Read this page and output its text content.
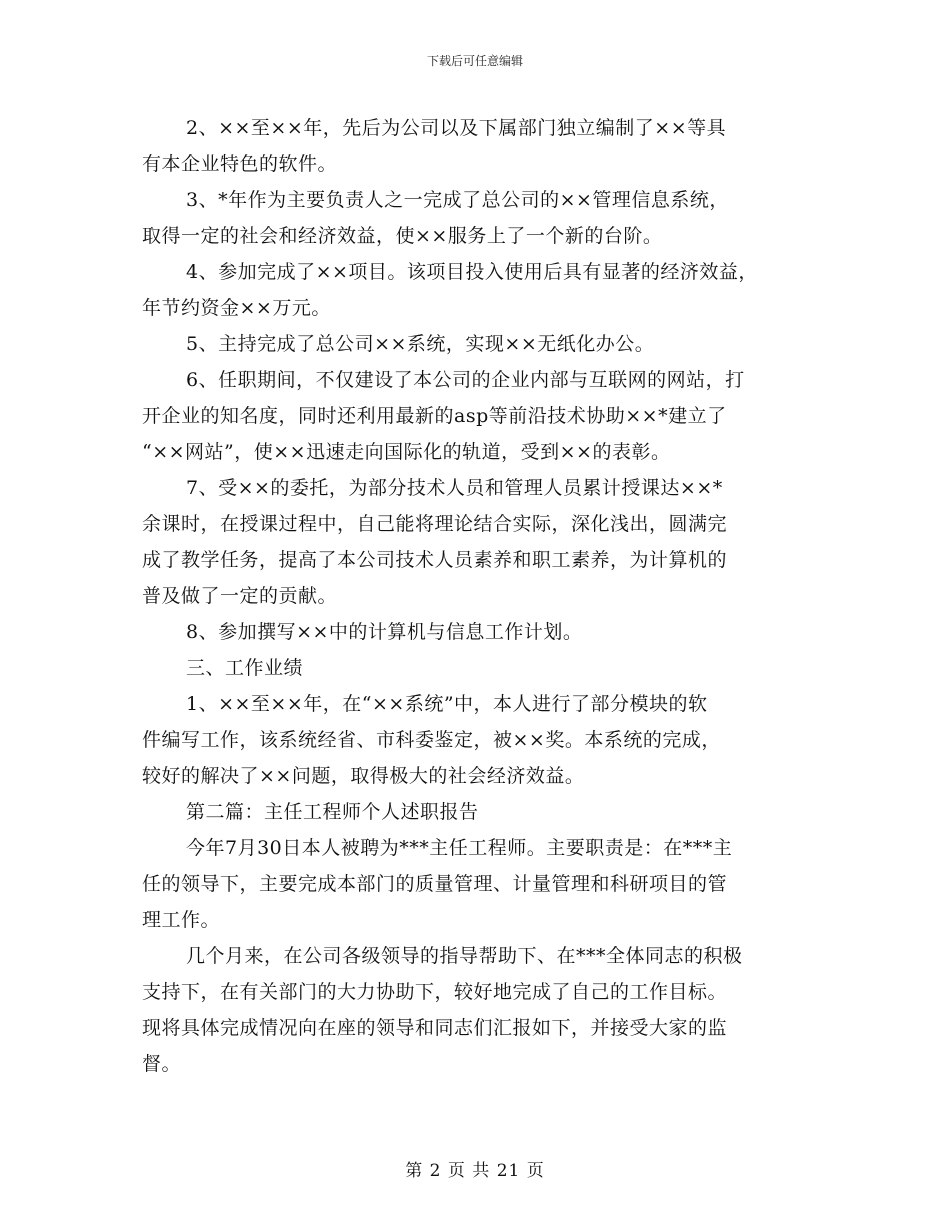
下载后可任意编辑
2、××至××年，先后为公司以及下属部门独立编制了××等具
有本企业特色的软件。
3、*年作为主要负责人之一完成了总公司的××管理信息系统，
取得一定的社会和经济效益，使××服务上了一个新的台阶。
4、参加完成了××项目。该项目投入使用后具有显著的经济效益，
年节约资金××万元。
5、主持完成了总公司××系统，实现××无纸化办公。
6、任职期间，不仅建设了本公司的企业内部与互联网的网站，打
开企业的知名度，同时还利用最新的asp等前沿技术协助××*建立了
“××网站”，使××迅速走向国际化的轨道，受到××的表彰。
7、受××的委托，为部分技术人员和管理人员累计授课达××*
余课时，在授课过程中，自己能将理论结合实际，深化浅出，圆满完
成了教学任务，提高了本公司技术人员素养和职工素养，为计算机的
普及做了一定的贡献。
8、参加撰写××中的计算机与信息工作计划。
三、工作业绩
1、××至××年，在“××系统”中，本人进行了部分模块的软
件编写工作，该系统经省、市科委鉴定，被××奖。本系统的完成，
较好的解决了××问题，取得极大的社会经济效益。
第二篇：主任工程师个人述职报告
今年7月30日本人被聘为***主任工程师。主要职责是：在***主
任的领导下，主要完成本部门的质量管理、计量管理和科研项目的管
理工作。
几个月来，在公司各级领导的指导帮助下、在***全体同志的积极
支持下，在有关部门的大力协助下，较好地完成了自己的工作目标。
现将具体完成情况向在座的领导和同志们汇报如下，并接受大家的监
督。
第 2 页 共 21 页
